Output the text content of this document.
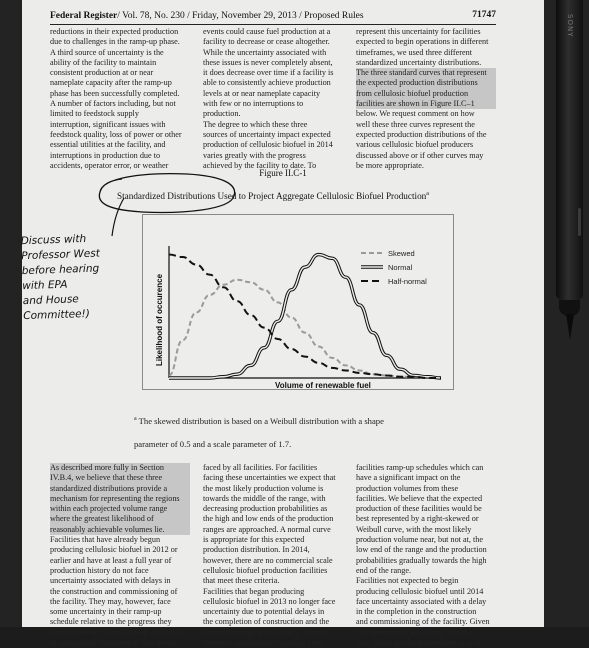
Federal Register/ Vol. 78, No. 230 / Friday, November 29, 2013 / Proposed Rules	71747
reductions in their expected production
due to challenges in the ramp-up phase.
A third source of uncertainty is the
ability of the facility to maintain
consistent production at or near
nameplate capacity after the ramp-up
phase has been successfully completed.
A number of factors including, but not
limited to feedstock supply
interruption, significant issues with
feedstock quality, loss of power or other
essential utilities at the facility, and
interruptions in production due to
accidents, operator error, or weather
events could cause fuel production at a
facility to decrease or cease altogether.
While the uncertainty associated with
these issues is never completely absent,
it does decrease over time if a facility is
able to consistently achieve production
levels at or near nameplate capacity
with few or no interruptions to
production.
The degree to which these three
sources of uncertainty impact expected
production of cellulosic biofuel in 2014
varies greatly with the progress
achieved by the facility to date. To
represent this uncertainty for facilities
expected to begin operations in different
timeframes, we used three different
standardized uncertainty distributions.
The three standard curves that represent
the expected production distributions
from cellulosic biofuel production
facilities are shown in Figure II.C–1
below. We request comment on how
well these three curves represent the
expected production distributions of the
various cellulosic biofuel producers
discussed above or if other curves may
be more appropriate.
Figure II.C-1
Standardized Distributions Used to Project Aggregate Cellulosic Biofuel Production$^a$
Discuss with
Professor West
before hearing
with EPA
and House
Committee!)
Volume of renewable fuel
Likelihood of occurence
Skewed
Normal
Half-normal
$^a$ The skewed distribution is based on a Weibull distribution with a shape
parameter of 0.5 and a scale parameter of 1.7.
As described more fully in Section
IV.B.4, we believe that these three
standardized distributions provide a
mechanism for representing the regions
within each projected volume range
where the greatest likelihood of
reasonably achievable volumes lie.
Facilities that have already begun
producing cellulosic biofuel in 2012 or
earlier and have at least a full year of
production history do not face
uncertainty associated with delays in
the construction and commissioning of
the facility. They may, however, face
some uncertainty in their ramp-up
schedule relative to the progress they
have achieved to date, as well as the risk
of unexpected shutdown or slowdown
faced by all facilities. For facilities
facing these uncertainties we expect that
the most likely production volume is
towards the middle of the range, with
decreasing production probabilities as
the high and low ends of the production
ranges are approached. A normal curve
is appropriate for this expected
production distribution. In 2014,
however, there are no commercial scale
cellulosic biofuel production facilities
that meet these criteria.
Facilities that began producing
cellulosic biofuel in 2013 no longer face
uncertainty due to potential delays in
the completion of construction and the
commissioning of the facility. There is,
however, uncertainty regarding these
facilities ramp-up schedules which can
have a significant impact on the
production volumes from these
facilities. We believe that the expected
production of these facilities would be
best represented by a right-skewed or
Weibull curve, with the most likely
production volume near, but not at, the
low end of the range and the production
probabilities gradually towards the high
end of the range.
Facilities not expected to begin
producing cellulosic biofuel until 2014
face uncertainty associated with a delay
in the completion in the construction
and commissioning of the facility. Given
this uncertainty, we believe that the
most likely production volume is at or
SONY
